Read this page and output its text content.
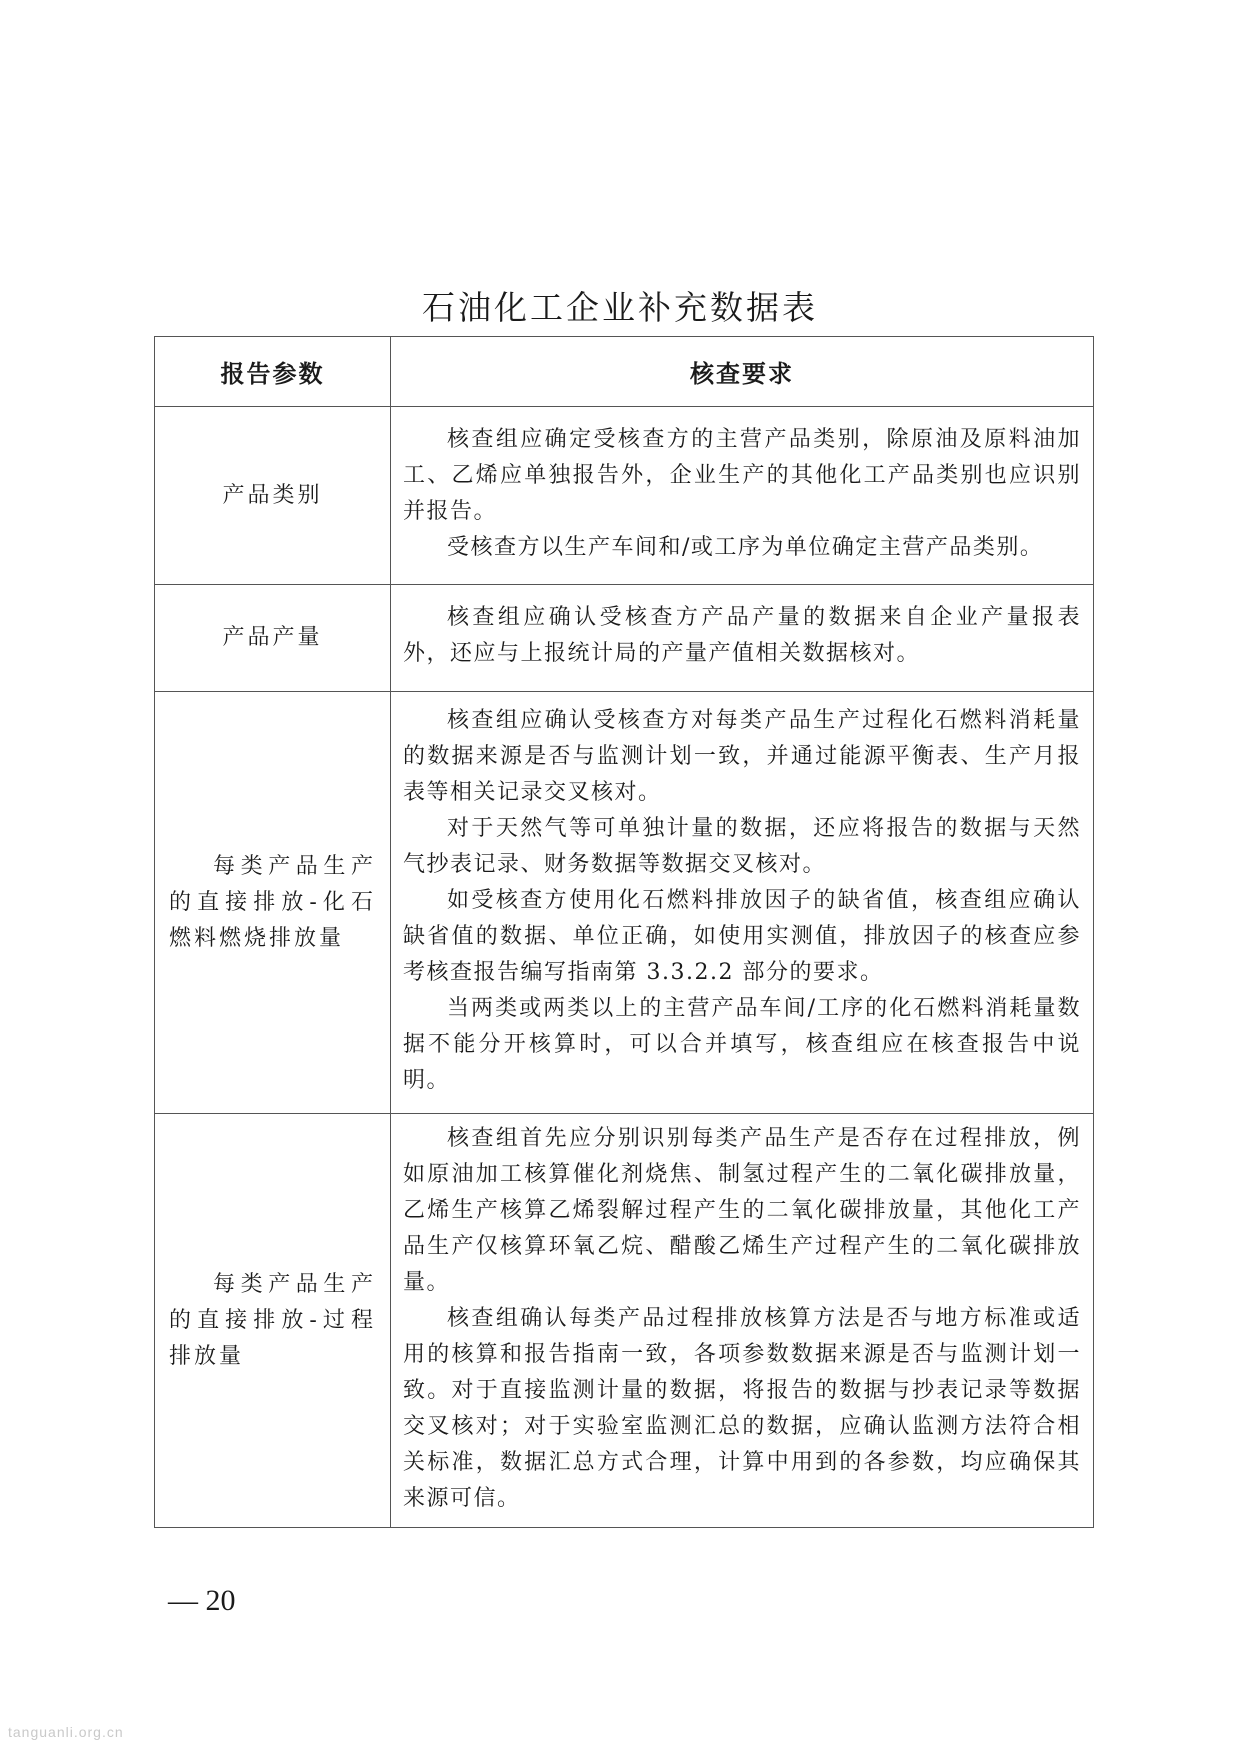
石油化工企业补充数据表
报告参数	核查要求
产品类别	核查组应确定受核查方的主营产品类别，除原油及原料油加工、乙烯应单独报告外，企业生产的其他化工产品类别也应识别并报告。

受核查方以生产车间和/或工序为单位确定主营产品类别。

产品产量	核查组应确认受核查方产品产量的数据来自企业产量报表外，还应与上报统计局的产量产值相关数据核对。

每类产品生产的直接排放-化石燃料燃烧排放量	核查组应确认受核查方对每类产品生产过程化石燃料消耗量的数据来源是否与监测计划一致，并通过能源平衡表、生产月报表等相关记录交叉核对。

对于天然气等可单独计量的数据，还应将报告的数据与天然气抄表记录、财务数据等数据交叉核对。

如受核查方使用化石燃料排放因子的缺省值，核查组应确认缺省值的数据、单位正确，如使用实测值，排放因子的核查应参考核查报告编写指南第 3.3.2.2 部分的要求。

当两类或两类以上的主营产品车间/工序的化石燃料消耗量数据不能分开核算时，可以合并填写，核查组应在核查报告中说明。

每类产品生产的直接排放-过程排放量	核查组首先应分别识别每类产品生产是否存在过程排放，例如原油加工核算催化剂烧焦、制氢过程产生的二氧化碳排放量，乙烯生产核算乙烯裂解过程产生的二氧化碳排放量，其他化工产品生产仅核算环氧乙烷、醋酸乙烯生产过程产生的二氧化碳排放量。

核查组确认每类产品过程排放核算方法是否与地方标准或适用的核算和报告指南一致，各项参数数据来源是否与监测计划一致。对于直接监测计量的数据，将报告的数据与抄表记录等数据交叉核对；对于实验室监测汇总的数据，应确认监测方法符合相关标准，数据汇总方式合理，计算中用到的各参数，均应确保其来源可信。

— 20
tanguanli.org.cn
